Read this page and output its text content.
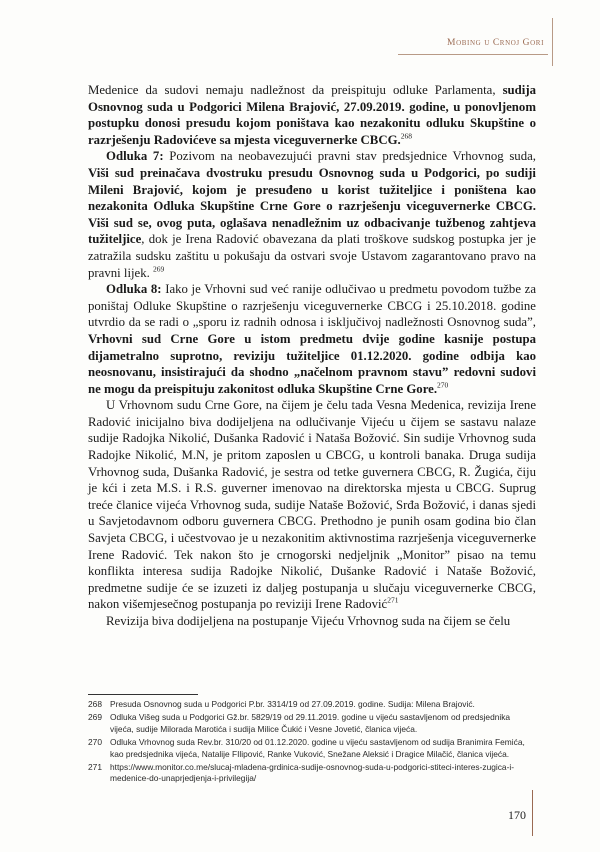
Mobing u Crnoj Gori

Medenice da sudovi nemaju nadležnost da preispituju odluke Parlamenta, sudija Osnovnog suda u Podgorici Milena Brajović, 27.09.2019. godine, u ponovljenom postupku donosi presudu kojom poništava kao nezakonitu odluku Skupštine o razrješenju Radovićeve sa mjesta viceguvernerke CBCG.$^{268}$

Odluka 7: Pozivom na neobavezujući pravni stav predsjednice Vrhovnog suda, Viši sud preinačava dvostruku presudu Osnovnog suda u Podgorici, po sudiji Mileni Brajović, kojom je presuđeno u korist tužiteljice i poništena kao nezakonita Odluka Skupštine Crne Gore o razrješenju viceguvernerke CBCG. Viši sud se, ovog puta, oglašava nenadležnim uz odbacivanje tužbenog zahtjeva tužiteljice, dok je Irena Radović obavezana da plati troškove sudskog postupka jer je zatražila sudsku zaštitu u pokušaju da ostvari svoje Ustavom zagarantovano pravo na pravni lijek. $^{269}$

Odluka 8: Iako je Vrhovni sud već ranije odlučivao u predmetu povodom tužbe za poništaj Odluke Skupštine o razrješenju viceguvernerke CBCG i 25.10.2018. godine utvrdio da se radi o „sporu iz radnih odnosa i isključivoj nadležnosti Osnovnog suda”, Vrhovni sud Crne Gore u istom predmetu dvije godine kasnije postupa dijametralno suprotno, reviziju tužiteljice 01.12.2020. godine odbija kao neosnovanu, insistirajući da shodno „načelnom pravnom stavu” redovni sudovi ne mogu da preispituju zakonitost odluka Skupštine Crne Gore.$^{270}$

U Vrhovnom sudu Crne Gore, na čijem je čelu tada Vesna Medenica, revizija Irene Radović inicijalno biva dodijeljena na odlučivanje Vijeću u čijem se sastavu nalaze sudije Radojka Nikolić, Dušanka Radović i Nataša Božović. Sin sudije Vrhovnog suda Radojke Nikolić, M.N, je pritom zaposlen u CBCG, u kontroli banaka. Druga sudija Vrhovnog suda, Dušanka Radović, je sestra od tetke guvernera CBCG, R. Žugića, čiju je kći i zeta M.S. i R.S. guverner imenovao na direktorska mjesta u CBCG. Suprug treće članice vijeća Vrhovnog suda, sudije Nataše Božović, Srđa Božović, i danas sjedi u Savjetodavnom odboru guvernera CBCG. Prethodno je punih osam godina bio član Savjeta CBCG, i učestvovao je u nezakonitim aktivnostima razrješenja viceguvernerke Irene Radović. Tek nakon što je crnogorski nedjeljnik „Monitor” pisao na temu konflikta interesa sudija Radojke Nikolić, Dušanke Radović i Nataše Božović, predmetne sudije će se izuzeti iz daljeg postupanja u slučaju viceguvernerke CBCG, nakon višemjesečnog postupanja po reviziji Irene Radović$^{271}$

Revizija biva dodijeljena na postupanje Vijeću Vrhovnog suda na čijem se čelu

268 Presuda Osnovnog suda u Podgorici P.br. 3314/19 od 27.09.2019. godine. Sudija: Milena Brajović.
269 Odluka Višeg suda u Podgorici Gž.br. 5829/19 od 29.11.2019. godine u vijeću sastavljenom od predsjednika vijeća, sudije Milorada Marotića i sudija Milice Čukić i Vesne Jovetić, članica vijeća.
270 Odluka Vrhovnog suda Rev.br. 310/20 od 01.12.2020. godine u vijeću sastavljenom od sudija Branimira Femića, kao predsjednika vijeća, Natalije FIlipović, Ranke Vuković, Snežane Aleksić i Dragice Milačić, članica vijeća.
271 https://www.monitor.co.me/slucaj-mladena-grdinica-sudije-osnovnog-suda-u-podgorici-stiteci-interes-zugica-i-medenice-do-unaprjedjenja-i-privilegija/
170
